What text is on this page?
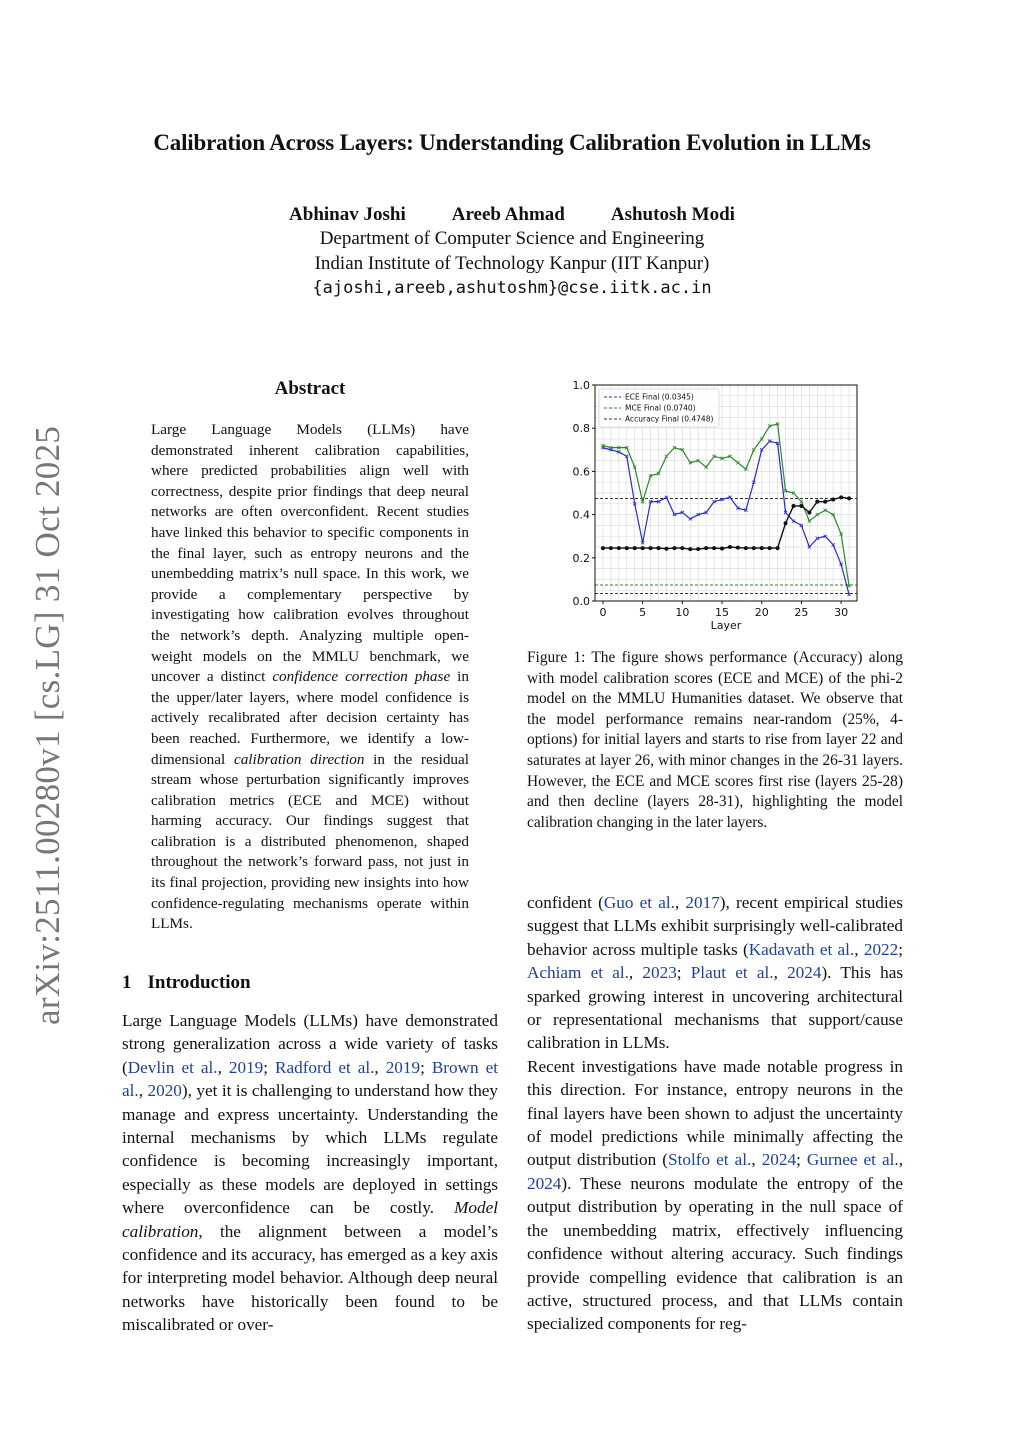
Calibration Across Layers: Understanding Calibration Evolution in LLMs
Abhinav Joshi Areeb Ahmad Ashutosh Modi
Department of Computer Science and Engineering
Indian Institute of Technology Kanpur (IIT Kanpur)
{ajoshi,areeb,ashutoshm}@cse.iitk.ac.in
arXiv:2511.00280v1 [cs.LG] 31 Oct 2025
Abstract
Large Language Models (LLMs) have demonstrated inherent calibration capabilities, where predicted probabilities align well with correctness, despite prior findings that deep neural networks are often overconfident. Recent studies have linked this behavior to specific components in the final layer, such as entropy neurons and the unembedding matrix’s null space. In this work, we provide a complementary perspective by investigating how calibration evolves throughout the network’s depth. Analyzing multiple open-weight models on the MMLU benchmark, we uncover a distinct confidence correction phase in the upper/later layers, where model confidence is actively recalibrated after decision certainty has been reached. Furthermore, we identify a low-dimensional calibration direction in the residual stream whose perturbation significantly improves calibration metrics (ECE and MCE) without harming accuracy. Our findings suggest that calibration is a distributed phenomenon, shaped throughout the network’s forward pass, not just in its final projection, providing new insights into how confidence-regulating mechanisms operate within LLMs.
1 Introduction
Large Language Models (LLMs) have demonstrated strong generalization across a wide variety of tasks (Devlin et al., 2019; Radford et al., 2019; Brown et al., 2020), yet it is challenging to understand how they manage and express uncertainty. Understanding the internal mechanisms by which LLMs regulate confidence is becoming increasingly important, especially as these models are deployed in settings where overconfidence can be costly. Model calibration, the alignment between a model’s confidence and its accuracy, has emerged as a key axis for interpreting model behavior. Although deep neural networks have historically been found to be miscalibrated or over-
0.0
0.2
0.4
0.6
0.8
1.0
0	5	10 15 20 25 30
Layer
ECE Final (0.0345)
MCE Final (0.0740)
Accuracy Final (0.4748)
Figure 1: The figure shows performance (Accuracy) along with model calibration scores (ECE and MCE) of the phi-2 model on the MMLU Humanities dataset. We observe that the model performance remains near-random (25%, 4-options) for initial layers and starts to rise from layer 22 and saturates at layer 26, with minor changes in the 26-31 layers. However, the ECE and MCE scores first rise (layers 25-28) and then decline (layers 28-31), highlighting the model calibration changing in the later layers.

confident (Guo et al., 2017), recent empirical studies suggest that LLMs exhibit surprisingly well-calibrated behavior across multiple tasks (Kadavath et al., 2022; Achiam et al., 2023; Plaut et al., 2024). This has sparked growing interest in uncovering architectural or representational mechanisms that support/cause calibration in LLMs.

Recent investigations have made notable progress in this direction. For instance, entropy neurons in the final layers have been shown to adjust the uncertainty of model predictions while minimally affecting the output distribution (Stolfo et al., 2024; Gurnee et al., 2024). These neurons modulate the entropy of the output distribution by operating in the null space of the unembedding matrix, effectively influencing confidence without altering accuracy. Such findings provide compelling evidence that calibration is an active, structured process, and that LLMs contain specialized components for reg-
